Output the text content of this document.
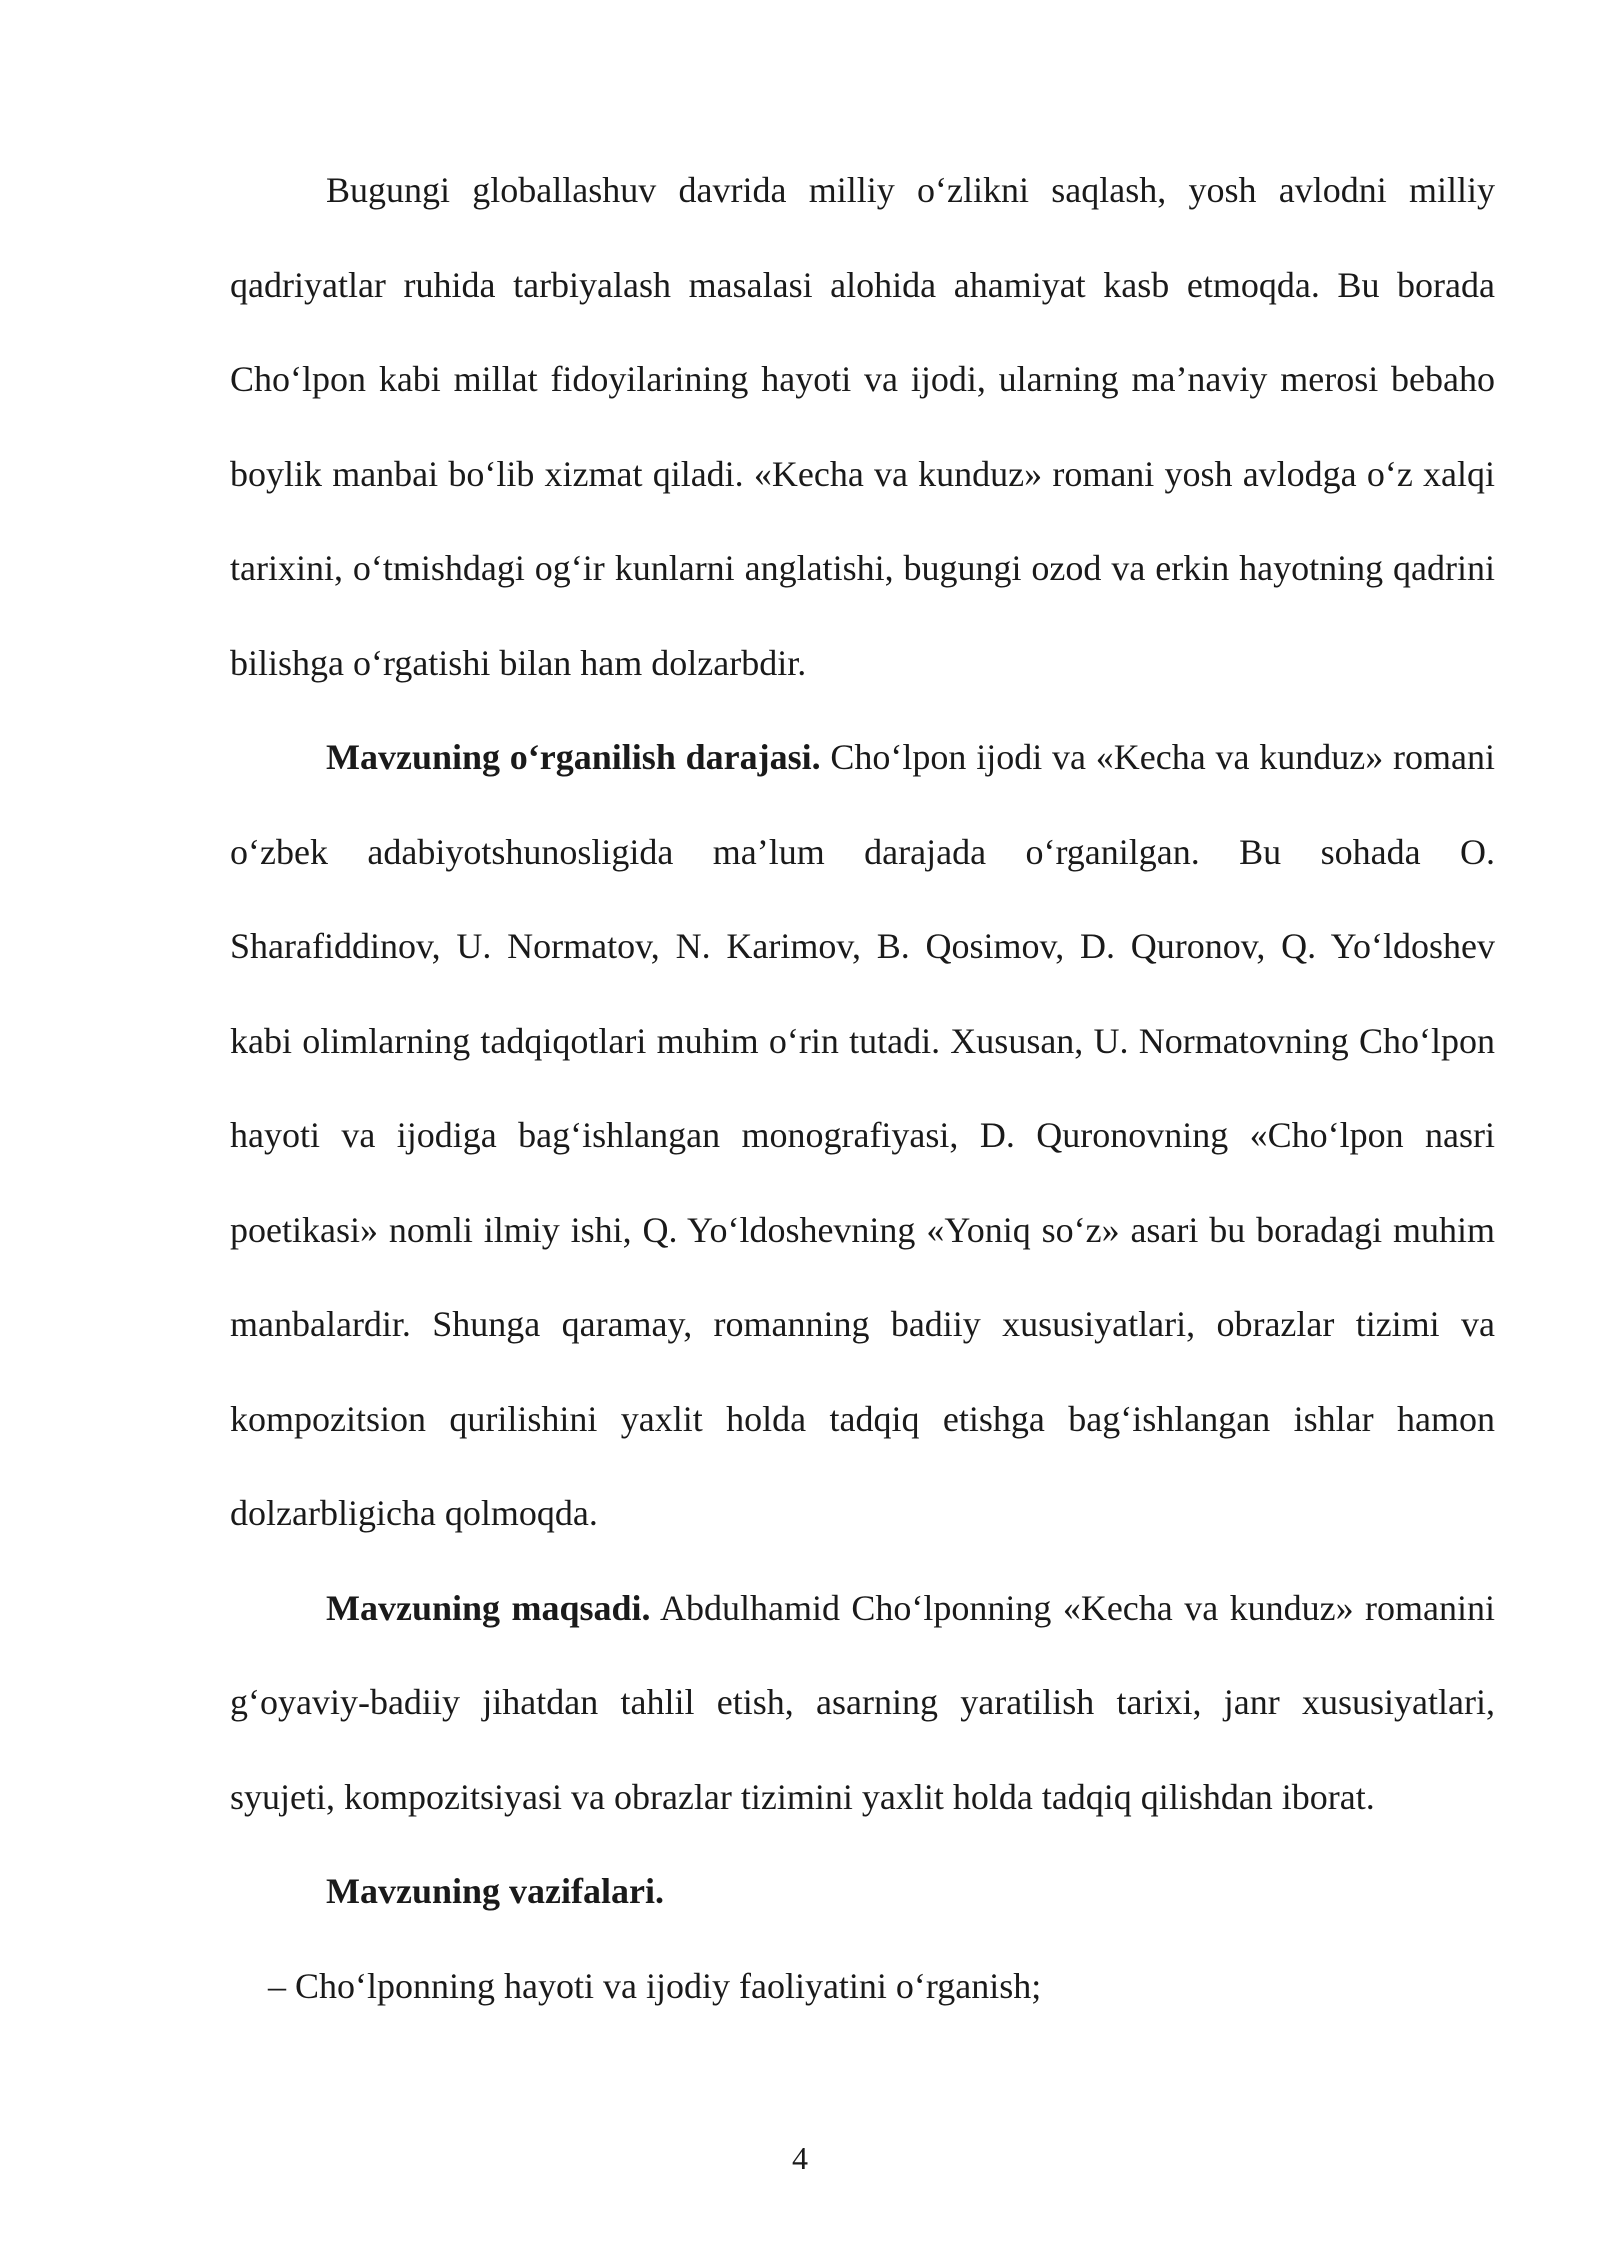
Bugungi globallashuv davrida milliy o‘zlikni saqlash, yosh avlodni milliy qadriyatlar ruhida tarbiyalash masalasi alohida ahamiyat kasb etmoqda. Bu borada Cho‘lpon kabi millat fidoyilarining hayoti va ijodi, ularning ma’naviy merosi bebaho boylik manbai bo‘lib xizmat qiladi. «Kecha va kunduz» romani yosh avlodga o‘z xalqi tarixini, o‘tmishdagi og‘ir kunlarni anglatishi, bugungi ozod va erkin hayotning qadrini bilishga o‘rgatishi bilan ham dolzarbdir.

Mavzuning o‘rganilish darajasi. Cho‘lpon ijodi va «Kecha va kunduz» romani o‘zbek adabiyotshunosligida ma’lum darajada o‘rganilgan. Bu sohada O. Sharafiddinov, U. Normatov, N. Karimov, B. Qosimov, D. Quronov, Q. Yo‘ldoshev kabi olimlarning tadqiqotlari muhim o‘rin tutadi. Xususan, U. Normatovning Cho‘lpon hayoti va ijodiga bag‘ishlangan monografiyasi, D. Quronovning «Cho‘lpon nasri poetikasi» nomli ilmiy ishi, Q. Yo‘ldoshevning «Yoniq so‘z» asari bu boradagi muhim manbalardir. Shunga qaramay, romanning badiiy xususiyatlari, obrazlar tizimi va kompozitsion qurilishini yaxlit holda tadqiq etishga bag‘ishlangan ishlar hamon dolzarbligicha qolmoqda.

Mavzuning maqsadi. Abdulhamid Cho‘lponning «Kecha va kunduz» romanini g‘oyaviy-badiiy jihatdan tahlil etish, asarning yaratilish tarixi, janr xususiyatlari, syujeti, kompozitsiyasi va obrazlar tizimini yaxlit holda tadqiq qilishdan iborat.

Mavzuning vazifalari.

– Cho‘lponning hayoti va ijodiy faoliyatini o‘rganish;

4
